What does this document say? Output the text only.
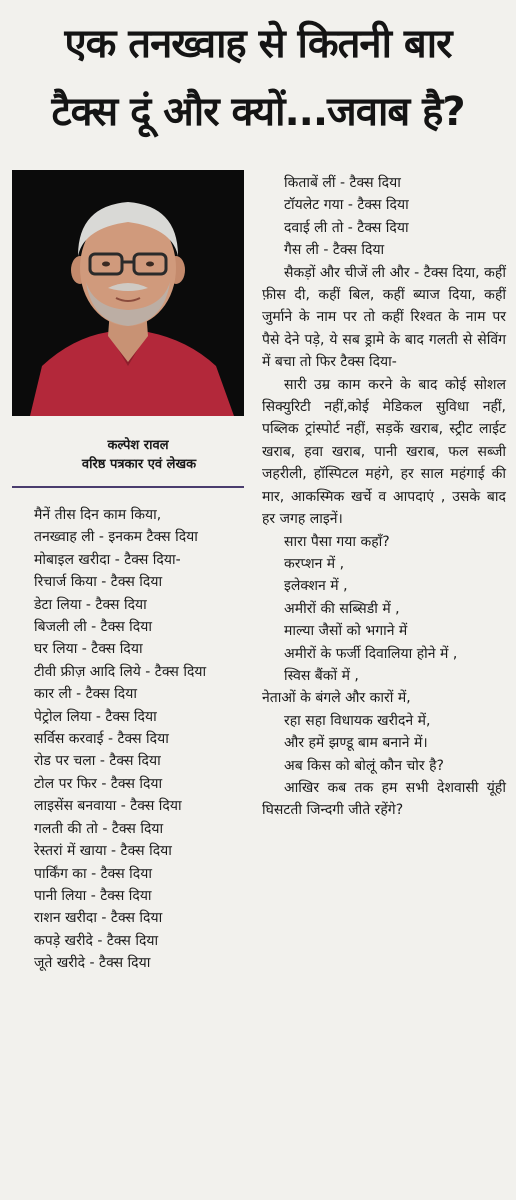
एक तनख्वाह से कितनी बार
टैक्स दूं और क्यों...जवाब है?
कल्पेश रावल
वरिष्ठ पत्रकार एवं लेखक

मैनें तीस दिन काम किया,

तनख्वाह ली - इनकम टैक्स दिया

मोबाइल खरीदा - टैक्स दिया-

रिचार्ज किया - टैक्स दिया

डेटा लिया - टैक्स दिया

बिजली ली - टैक्स दिया

घर लिया - टैक्स दिया

टीवी फ्रीज़ आदि लिये - टैक्स दिया

कार ली - टैक्स दिया

पेट्रोल लिया - टैक्स दिया

सर्विस करवाई - टैक्स दिया

रोड पर चला - टैक्स दिया

टोल पर फिर - टैक्स दिया

लाइसेंस बनवाया - टैक्स दिया

गलती की तो - टैक्स दिया

रेस्तरां में खाया - टैक्स दिया

पार्किंग का - टैक्स दिया

पानी लिया - टैक्स दिया

राशन खरीदा - टैक्स दिया

कपड़े खरीदे - टैक्स दिया

जूते खरीदे - टैक्स दिया

किताबें लीं - टैक्स दिया

टॉयलेट गया - टैक्स दिया

दवाई ली तो - टैक्स दिया

गैस ली - टैक्स दिया

सैकड़ों और चीजें ली और - टैक्स दिया, कहीं फ़ीस दी, कहीं बिल, कहीं ब्याज दिया, कहीं जुर्माने के नाम पर तो कहीं रिश्वत के नाम पर पैसे देने पड़े, ये सब ड्रामे के बाद गलती से सेविंग में बचा तो फिर टैक्स दिया-

सारी उम्र काम करने के बाद कोई सोशल सिक्युरिटी नहीं,कोई मेडिकल सुविधा नहीं, पब्लिक ट्रांस्पोर्ट नहीं, सड़कें खराब, स्ट्रीट लाईट खराब, हवा खराब, पानी खराब, फल सब्जी जहरीली, हॉस्पिटल महंगे, हर साल महंगाई की मार, आकस्मिक खर्चे व आपदाएं , उसके बाद हर जगह लाइनें।

सारा पैसा गया कहाँ?

करप्शन में ,

इलेक्शन में ,

अमीरों की सब्सिडी में ,

माल्या जैसों को भगाने में

अमीरों के फर्जी दिवालिया होने में ,

स्विस बैंकों में ,

नेताओं के बंगले और कारों में,

रहा सहा विधायक खरीदने में,

और हमें झण्डू बाम बनाने में।

अब किस को बोलूं कौन चोर है?

आखिर कब तक हम सभी देशवासी यूंही घिसटती जिन्दगी जीते रहेंगे?
